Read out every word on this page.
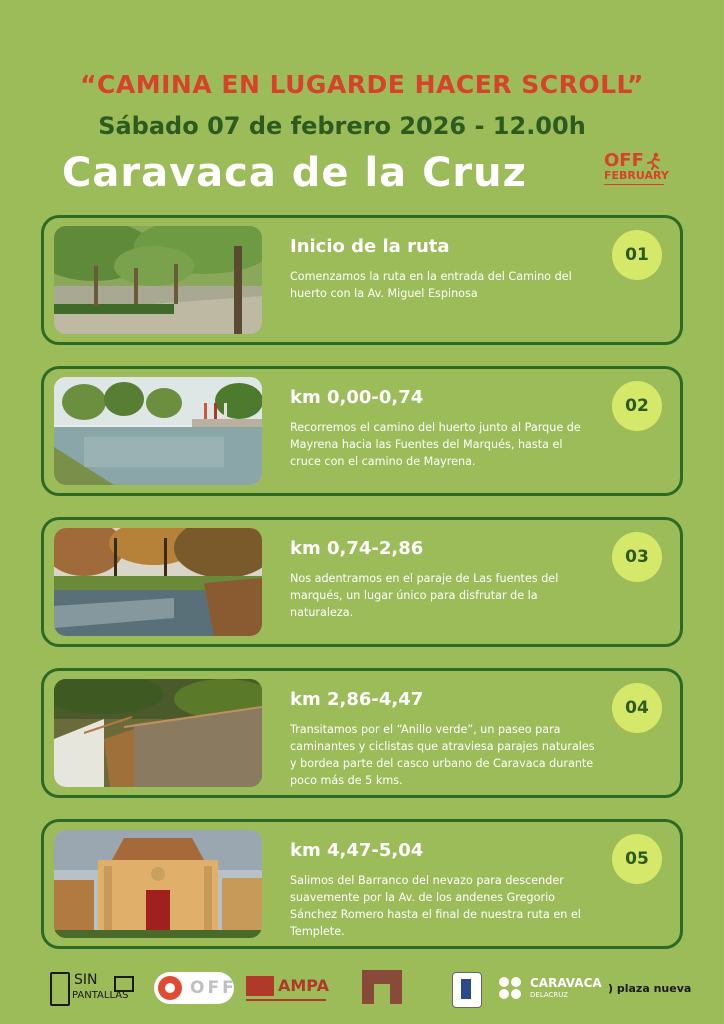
“CAMINA EN LUGARDE HACER SCROLL”
Sábado 07 de febrero 2026 - 12.00h
Caravaca de la Cruz	OFF
FEBRUARY
Inicio de la ruta
Comenzamos la ruta en la entrada del Camino del huerto con la Av. Miguel Espinosa
01
km 0,00-0,74
Recorremos el camino del huerto junto al Parque de Mayrena hacia las Fuentes del Marqués, hasta el cruce con el camino de Mayrena.
02
km 0,74-2,86
Nos adentramos en el paraje de Las fuentes del marqués, un lugar único para disfrutar de la naturaleza.
03
km 2,86-4,47
Transitamos por el “Anillo verde”, un paseo para caminantes y ciclistas que atraviesa parajes naturales y bordea parte del casco urbano de Caravaca durante poco más de 5 kms.
04
km 4,47-5,04
Salimos del Barranco del nevazo para descender suavemente por la Av. de los andenes Gregorio Sánchez Romero hasta el final de nuestra ruta en el Templete.
05
SIN
PANTALLAS	OFF	AMPA	CARAVACA
DELACRUZ	) plaza nueva
